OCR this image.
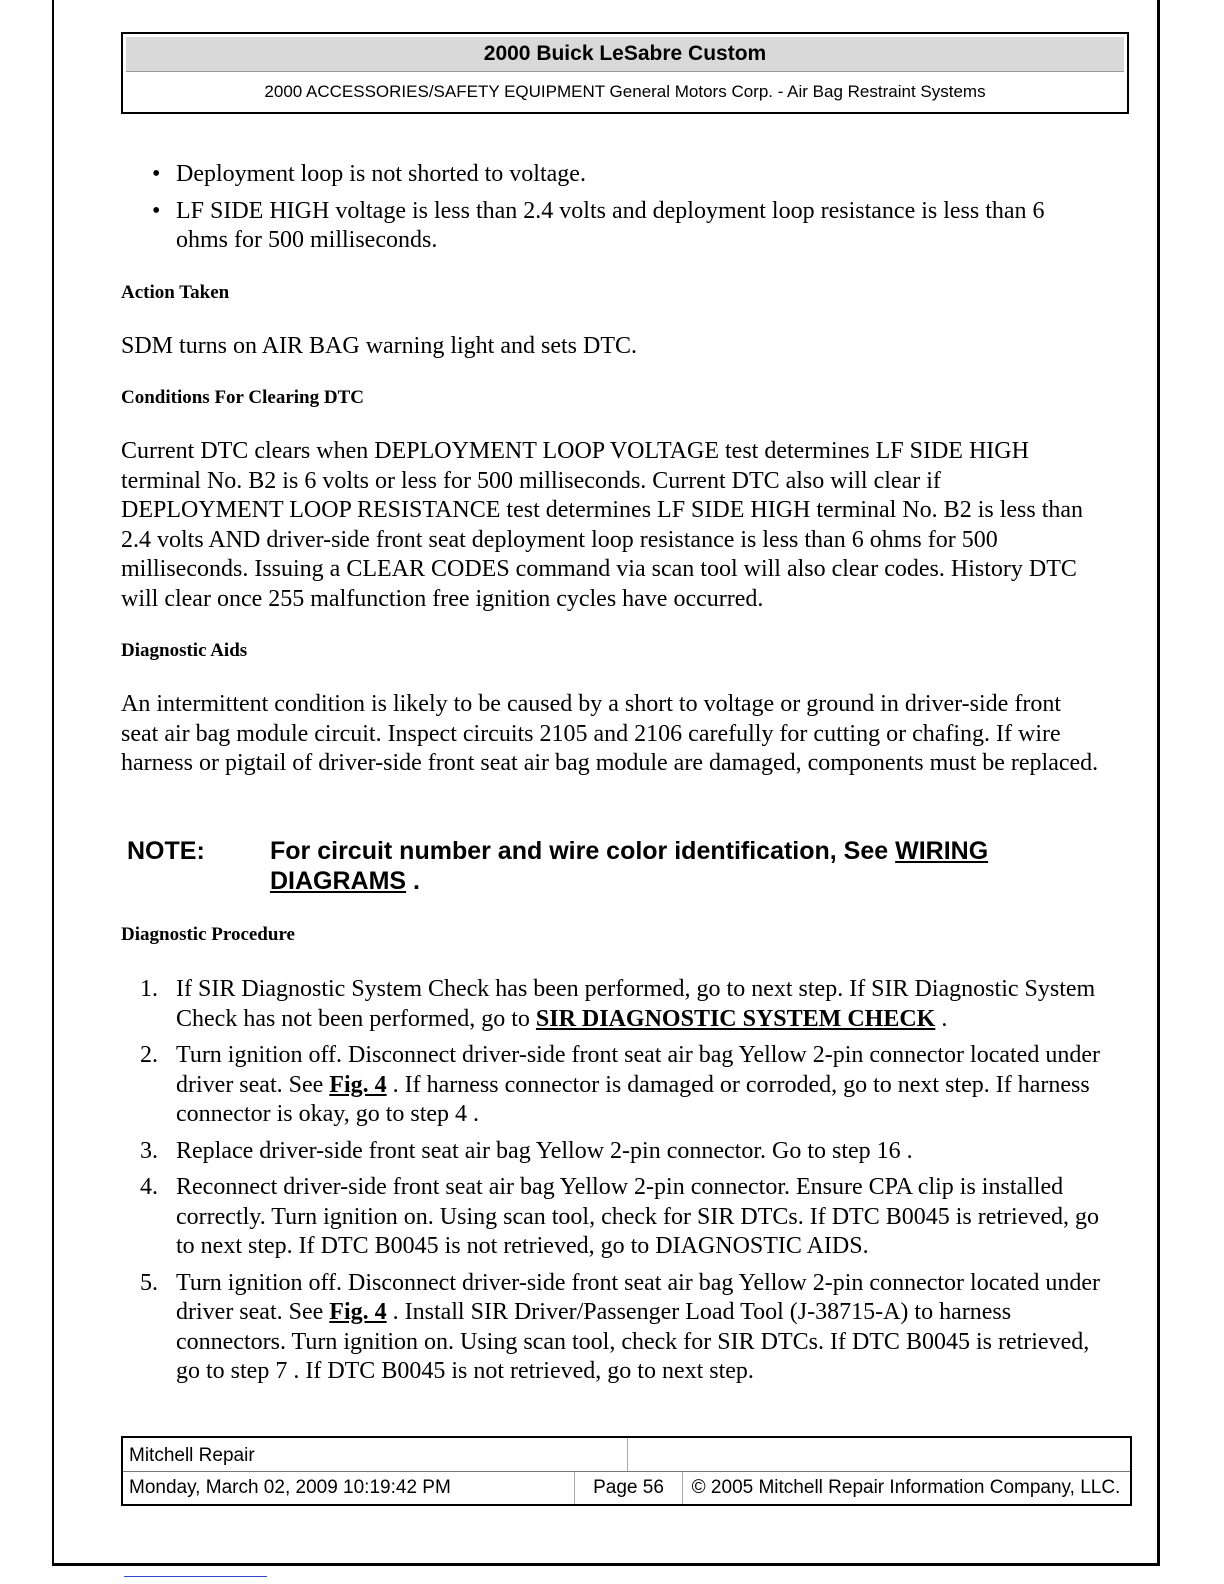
2000 Buick LeSabre Custom
2000 ACCESSORIES/SAFETY EQUIPMENT General Motors Corp. - Air Bag Restraint Systems
• Deployment loop is not shorted to voltage.
• LF SIDE HIGH voltage is less than 2.4 volts and deployment loop resistance is less than 6 ohms for 500 milliseconds.
Action Taken

SDM turns on AIR BAG warning light and sets DTC.

Conditions For Clearing DTC

Current DTC clears when DEPLOYMENT LOOP VOLTAGE test determines LF SIDE HIGH terminal No. B2 is 6 volts or less for 500 milliseconds. Current DTC also will clear if DEPLOYMENT LOOP RESISTANCE test determines LF SIDE HIGH terminal No. B2 is less than 2.4 volts AND driver-side front seat deployment loop resistance is less than 6 ohms for 500 milliseconds. Issuing a CLEAR CODES command via scan tool will also clear codes. History DTC will clear once 255 malfunction free ignition cycles have occurred.

Diagnostic Aids

An intermittent condition is likely to be caused by a short to voltage or ground in driver-side front seat air bag module circuit. Inspect circuits 2105 and 2106 carefully for cutting or chafing. If wire harness or pigtail of driver-side front seat air bag module are damaged, components must be replaced.

NOTE:	For circuit number and wire color identification, See WIRING DIAGRAMS .
Diagnostic Procedure
1. If SIR Diagnostic System Check has been performed, go to next step. If SIR Diagnostic System Check has not been performed, go to SIR DIAGNOSTIC SYSTEM CHECK .
2. Turn ignition off. Disconnect driver-side front seat air bag Yellow 2-pin connector located under driver seat. See Fig. 4 . If harness connector is damaged or corroded, go to next step. If harness connector is okay, go to step 4 .
3. Replace driver-side front seat air bag Yellow 2-pin connector. Go to step 16 .
4. Reconnect driver-side front seat air bag Yellow 2-pin connector. Ensure CPA clip is installed correctly. Turn ignition on. Using scan tool, check for SIR DTCs. If DTC B0045 is retrieved, go to next step. If DTC B0045 is not retrieved, go to DIAGNOSTIC AIDS.
5. Turn ignition off. Disconnect driver-side front seat air bag Yellow 2-pin connector located under driver seat. See Fig. 4 . Install SIR Driver/Passenger Load Tool (J-38715-A) to harness connectors. Turn ignition on. Using scan tool, check for SIR DTCs. If DTC B0045 is retrieved, go to step 7 . If DTC B0045 is not retrieved, go to next step.
Mitchell Repair
Monday, March 02, 2009 10:19:42 PM	Page 56	© 2005 Mitchell Repair Information Company, LLC.
